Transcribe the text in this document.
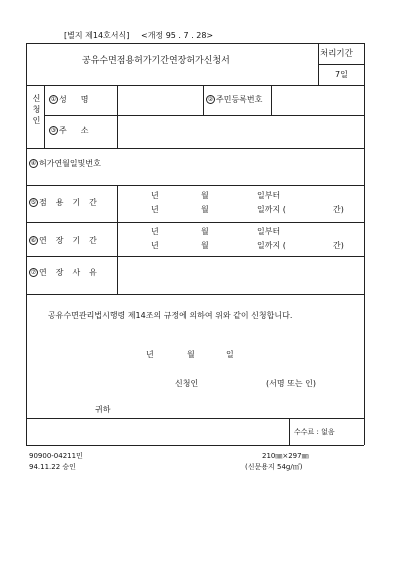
[별지 제14호서식] <개정 95 . 7 . 28>
공유수면점용허가기간연장허가신청서
처리기간
7일
신청인 ① 성명	② 주민등록번호
③ 주소
④ 허가연월일및번호
⑤ 점용기간
년	월	일부터
년	월	일까지 (	간)
⑥ 연장기간
년	월	일부터
년	월	일까지 (	간)
⑦ 연장사유
공유수면관리법시행령 제14조의 규정에 의하여 위와 같이 신청합니다.
년	월	일
신청인	(서명 또는 인)
귀하
수수료 : 없음
90900-04211민
94.11.22 승인
210㎜×297㎜
(신문용지 54g/㎡)
